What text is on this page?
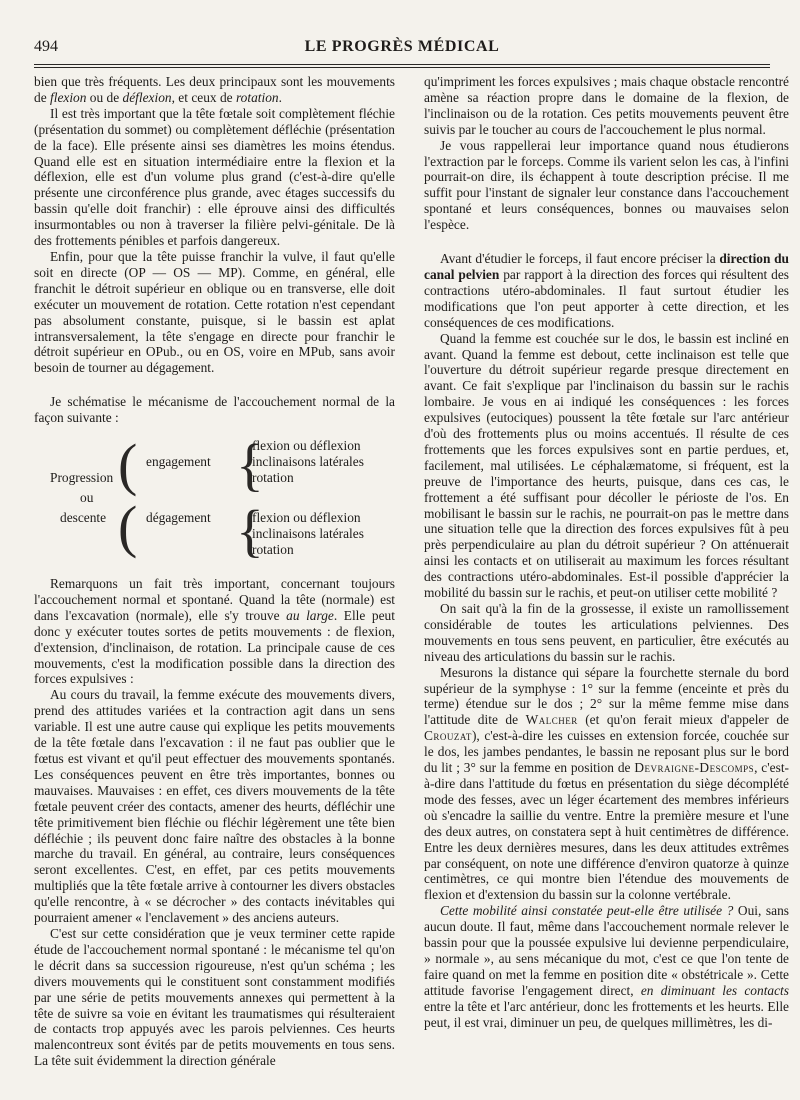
494	LE PROGRÈS MÉDICAL

bien que très fréquents. Les deux principaux sont les mouvements de flexion ou de déflexion, et ceux de rotation.

Il est très important que la tête fœtale soit complètement fléchie (présentation du sommet) ou complètement défléchie (présentation de la face). Elle présente ainsi ses diamètres les moins étendus. Quand elle est en situation intermédiaire entre la flexion et la déflexion, elle est d'un volume plus grand (c'est-à-dire qu'elle présente une circonférence plus grande, avec étages successifs du bassin qu'elle doit franchir) : elle éprouve ainsi des difficultés insurmontables ou non à traverser la filière pelvi-génitale. De là des frottements pénibles et parfois dangereux.

Enfin, pour que la tête puisse franchir la vulve, il faut qu'elle soit en directe (OP — OS — MP). Comme, en général, elle franchit le détroit supérieur en oblique ou en transverse, elle doit exécuter un mouvement de rotation. Cette rotation n'est cependant pas absolument constante, puisque, si le bassin est aplat intransversalement, la tête s'engage en directe pour franchir le détroit supérieur en OPub., ou en OS, voire en MPub, sans avoir besoin de tourner au dégagement.

Je schématise le mécanisme de l'accouchement normal de la façon suivante :

(
Progression
ou
descente (
engagement
dégagement
{
flexion ou déflexion
inclinaisons latérales
rotation
{
flexion ou déflexion
inclinaisons latérales
rotation

Remarquons un fait très important, concernant toujours l'accouchement normal et spontané. Quand la tête (normale) est dans l'excavation (normale), elle s'y trouve au large. Elle peut donc y exécuter toutes sortes de petits mouvements : de flexion, d'extension, d'inclinaison, de rotation. La principale cause de ces mouvements, c'est la modification possible dans la direction des forces expulsives :

Au cours du travail, la femme exécute des mouvements divers, prend des attitudes variées et la contraction agit dans un sens variable. Il est une autre cause qui explique les petits mouvements de la tête fœtale dans l'excavation : il ne faut pas oublier que le fœtus est vivant et qu'il peut effectuer des mouvements spontanés. Les conséquences peuvent en être très importantes, bonnes ou mauvaises. Mauvaises : en effet, ces divers mouvements de la tête fœtale peuvent créer des contacts, amener des heurts, défléchir une tête primitivement bien fléchie ou fléchir légèrement une tête bien défléchie ; ils peuvent donc faire naître des obstacles à la bonne marche du travail. En général, au contraire, leurs conséquences seront excellentes. C'est, en effet, par ces petits mouvements multipliés que la tête fœtale arrive à contourner les divers obstacles qu'elle rencontre, à « se décrocher » des contacts inévitables qui pourraient amener « l'enclavement » des anciens auteurs.

C'est sur cette considération que je veux terminer cette rapide étude de l'accouchement normal spontané : le mécanisme tel qu'on le décrit dans sa succession rigoureuse, n'est qu'un schéma ; les divers mouvements qui le constituent sont constamment modifiés par une série de petits mouvements annexes qui permettent à la tête de suivre sa voie en évitant les traumatismes qui résulteraient de contacts trop appuyés avec les parois pelviennes. Ces heurts malencontreux sont évités par de petits mouvements en tous sens. La tête suit évidemment la direction générale

qu'impriment les forces expulsives ; mais chaque obstacle rencontré amène sa réaction propre dans le domaine de la flexion, de l'inclinaison ou de la rotation. Ces petits mouvements peuvent être suivis par le toucher au cours de l'accouchement le plus normal.

Je vous rappellerai leur importance quand nous étudierons l'extraction par le forceps. Comme ils varient selon les cas, à l'infini pourrait-on dire, ils échappent à toute description précise. Il me suffit pour l'instant de signaler leur constance dans l'accouchement spontané et leurs conséquences, bonnes ou mauvaises selon l'espèce.

Avant d'étudier le forceps, il faut encore préciser la direction du canal pelvien par rapport à la direction des forces qui résultent des contractions utéro-abdominales. Il faut surtout étudier les modifications que l'on peut apporter à cette direction, et les conséquences de ces modifications.

Quand la femme est couchée sur le dos, le bassin est incliné en avant. Quand la femme est debout, cette inclinaison est telle que l'ouverture du détroit supérieur regarde presque directement en avant. Ce fait s'explique par l'inclinaison du bassin sur le rachis lombaire. Je vous en ai indiqué les conséquences : les forces expulsives (eutociques) poussent la tête fœtale sur l'arc antérieur d'où des frottements plus ou moins accentués. Il résulte de ces frottements que les forces expulsives sont en partie perdues, et, facilement, mal utilisées. Le céphalæmatome, si fréquent, est la preuve de l'importance des heurts, puisque, dans ces cas, le frottement a été suffisant pour décoller le périoste de l'os. En mobilisant le bassin sur le rachis, ne pourrait-on pas le mettre dans une situation telle que la direction des forces expulsives fût à peu près perpendiculaire au plan du détroit supérieur ? On atténuerait ainsi les contacts et on utiliserait au maximum les forces résultant des contractions utéro-abdominales. Est-il possible d'apprécier la mobilité du bassin sur le rachis, et peut-on utiliser cette mobilité ?

On sait qu'à la fin de la grossesse, il existe un ramollissement considérable de toutes les articulations pelviennes. Des mouvements en tous sens peuvent, en particulier, être exécutés au niveau des articulations du bassin sur le rachis.

Mesurons la distance qui sépare la fourchette sternale du bord supérieur de la symphyse : 1° sur la femme (enceinte et près du terme) étendue sur le dos ; 2° sur la même femme mise dans l'attitude dite de Walcher (et qu'on ferait mieux d'appeler de Crouzat), c'est-à-dire les cuisses en extension forcée, couchée sur le dos, les jambes pendantes, le bassin ne reposant plus sur le bord du lit ; 3° sur la femme en position de Devraigne-Descomps, c'est-à-dire dans l'attitude du fœtus en présentation du siège décomplété mode des fesses, avec un léger écartement des membres inférieurs où s'encadre la saillie du ventre. Entre la première mesure et l'une des deux autres, on constatera sept à huit centimètres de différence. Entre les deux dernières mesures, dans les deux attitudes extrêmes par conséquent, on note une différence d'environ quatorze à quinze centimètres, ce qui montre bien l'étendue des mouvements de flexion et d'extension du bassin sur la colonne vertébrale.

Cette mobilité ainsi constatée peut-elle être utilisée ? Oui, sans aucun doute. Il faut, même dans l'accouchement normale relever le bassin pour que la poussée expulsive lui devienne perpendiculaire, » normale », au sens mécanique du mot, c'est ce que l'on tente de faire quand on met la femme en position dite « obstétricale ». Cette attitude favorise l'engagement direct, en diminuant les contacts entre la tête et l'arc antérieur, donc les frottements et les heurts. Elle peut, il est vrai, diminuer un peu, de quelques millimètres, les di-
